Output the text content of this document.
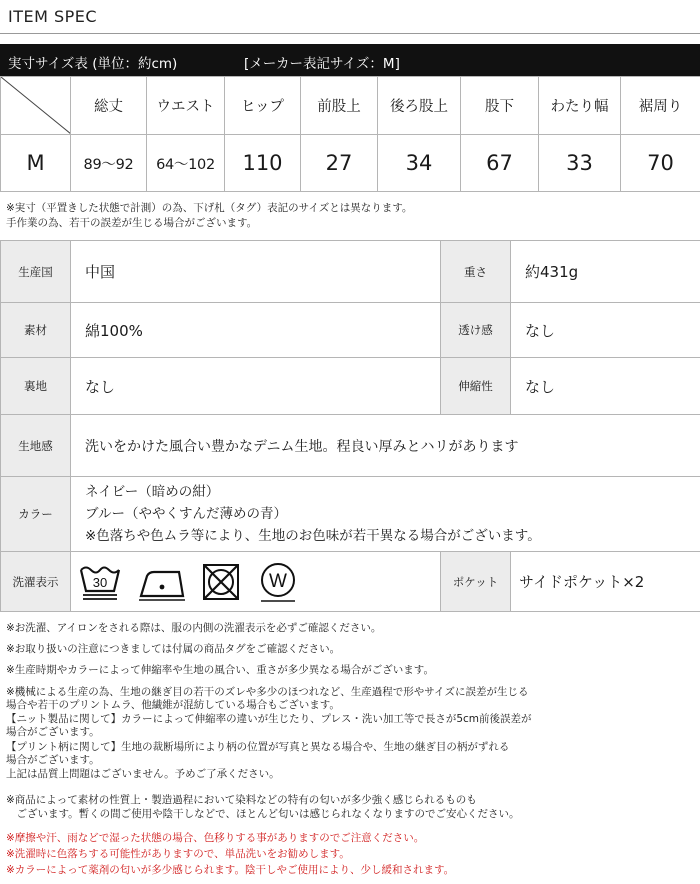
ITEM SPEC
実寸サイズ表 (単位：約cm)	[メーカー表記サイズ：M]
	総丈	ウエスト	ヒップ	前股上	後ろ股上	股下	わたり幅	裾周り
M	89〜92	64〜102	110	27	34	67	33	70
※実寸（平置きした状態で計測）の為、下げ札（タグ）表記のサイズとは異なります。
手作業の為、若干の誤差が生じる場合がございます。
生産国	中国	重さ	約431g
素材	綿100%	透け感	なし
裏地	なし	伸縮性	なし
生地感	洗いをかけた風合い豊かなデニム生地。程良い厚みとハリがあります		
カラー	ネイビー（暗めの紺）
ブルー（ややくすんだ薄めの青）
※色落ちや色ムラ等により、生地のお色味が若干異なる場合がございます。		

洗濯表示	30 W	ポケット	サイドポケット×2
※お洗濯、アイロンをされる際は、服の内側の洗濯表示を必ずご確認ください。
※お取り扱いの注意につきましては付属の商品タグをご確認ください。
※生産時期やカラーによって伸縮率や生地の風合い、重さが多少異なる場合がございます。
※機械による生産の為、生地の継ぎ目の若干のズレや多少のほつれなど、生産過程で形やサイズに誤差が生じる
場合や若干のプリントムラ、他繊維が混紡している場合もございます。
【ニット製品に関して】カラーによって伸縮率の違いが生じたり、プレス・洗い加工等で長さが5cm前後誤差が
場合がございます。
【プリント柄に関して】生地の裁断場所により柄の位置が写真と異なる場合や、生地の継ぎ目の柄がずれる
場合がございます。
上記は品質上問題はございません。予めご了承ください。
※商品によって素材の性質上・製造過程において染料などの特有の匂いが多少強く感じられるものも
　ございます。暫くの間ご使用や陰干しなどで、ほとんど匂いは感じられなくなりますのでご安心ください。
※摩擦や汗、雨などで湿った状態の場合、色移りする事がありますのでご注意ください。
※洗濯時に色落ちする可能性がありますので、単品洗いをお勧めします。
※カラーによって薬剤の匂いが多少感じられます。陰干しやご使用により、少し緩和されます。
